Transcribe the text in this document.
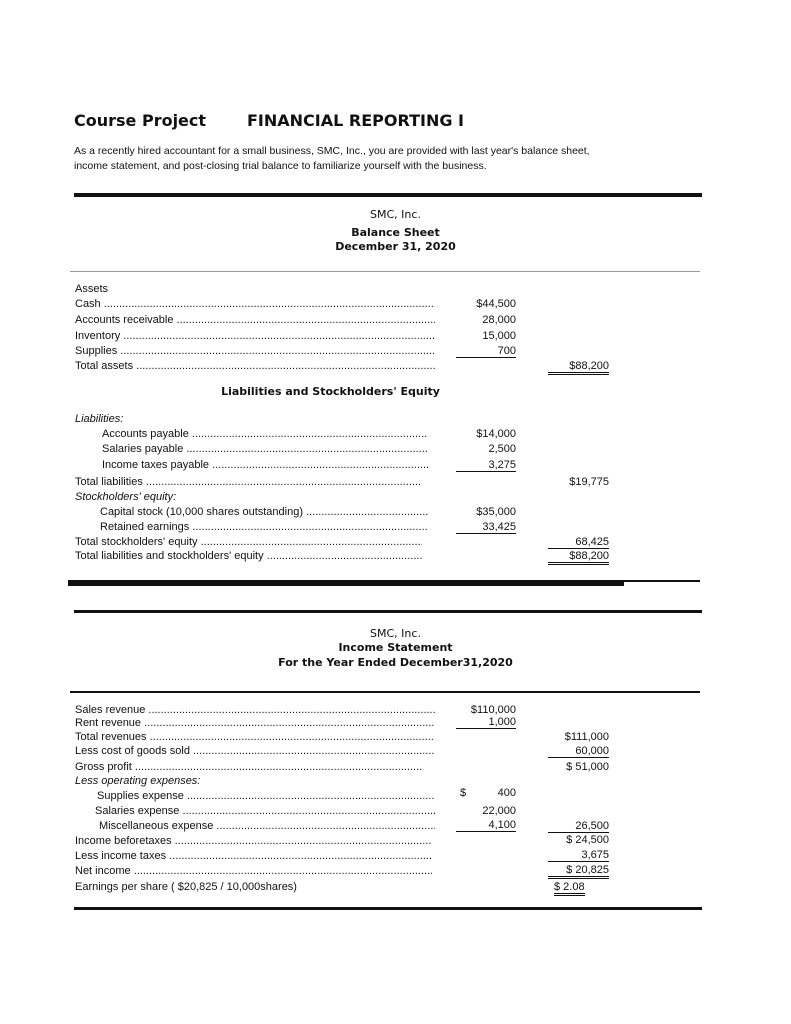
Course Project	FINANCIAL REPORTING I
As a recently hired accountant for a small business, SMC, Inc., you are provided with last year's balance sheet,
income statement, and post-closing trial balance to familiarize yourself with the business.
SMC, Inc.
Balance Sheet
December 31, 2020
Assets
Cash .....	$44,500
Accounts receivable .....	28,000
Inventory .....	15,000
Supplies .....	700
Total assets .....	$88,200
Liabilities and Stockholders' Equity
Liabilities:
Accounts payable .....	$14,000
Salaries payable .....	2,500
Income taxes payable .....	3,275
Total liabilities .....	$19,775
Stockholders' equity:
Capital stock (10,000 shares outstanding) .....	$35,000
Retained earnings .....	33,425
Total stockholders' equity .....	68,425
Total liabilities and stockholders' equity .....	$88,200
SMC, Inc.
Income Statement
For the Year Ended December31,2020
Sales revenue .....	$110,000
Rent revenue .....	1,000
Total revenues .....	$111,000
Less cost of goods sold .....	60,000
Gross profit .....	$ 51,000
Less operating expenses:
Supplies expense .....	$	400
Salaries expense .....	22,000
Miscellaneous expense .....	4,100	26,500
Income beforetaxes .....	$ 24,500
Less income taxes .....	3,675
Net income .....	$ 20,825
Earnings per share ( $20,825 / 10,000shares)	$ 2.08
